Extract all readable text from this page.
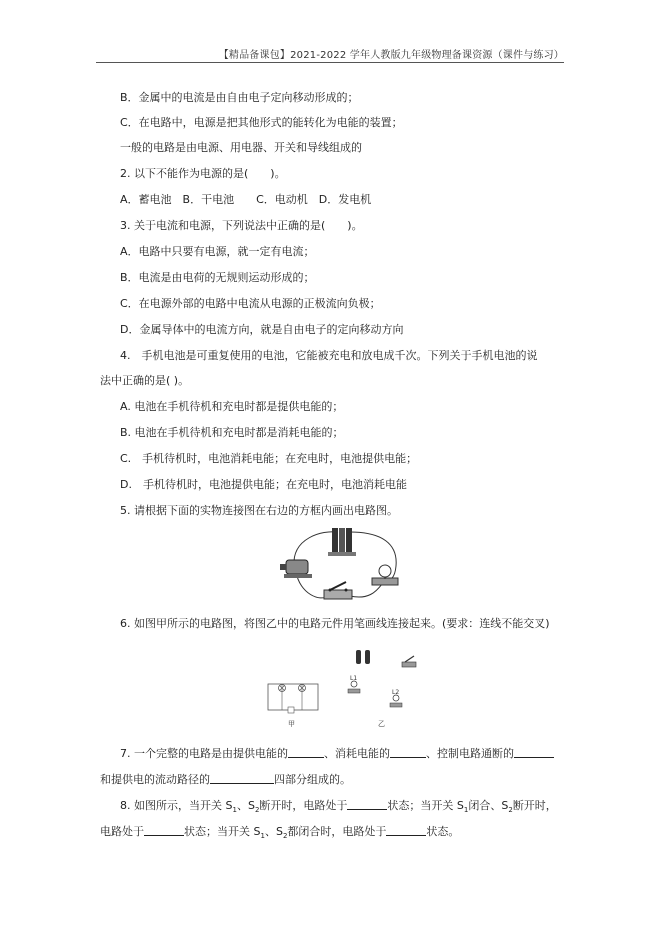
【精品备课包】2021-2022 学年人教版九年级物理备课资源（课件与练习）
B．金属中的电流是由自由电子定向移动形成的；
C．在电路中，电源是把其他形式的能转化为电能的装置；
一般的电路是由电源、用电器、开关和导线组成的
2. 以下不能作为电源的是(　　)。
A．蓄电池　B．干电池　　C．电动机　D．发电机
3. 关于电流和电源，下列说法中正确的是(　　)。
A．电路中只要有电源，就一定有电流；
B．电流是由电荷的无规则运动形成的；
C．在电源外部的电路中电流从电源的正极流向负极；
D．金属导体中的电流方向，就是自由电子的定向移动方向
4.　手机电池是可重复使用的电池，它能被充电和放电成千次。下列关于手机电池的说
法中正确的是( )。
A. 电池在手机待机和充电时都是提供电能的；
B. 电池在手机待机和充电时都是消耗电能的；
C.　手机待机时，电池消耗电能；在充电时，电池提供电能；
D.　手机待机时，电池提供电能；在充电时，电池消耗电能
5. 请根据下面的实物连接图在右边的方框内画出电路图。
6. 如图甲所示的电路图，将图乙中的电路元件用笔画线连接起来。(要求：连线不能交叉)
甲
L1
L2
乙
7. 一个完整的电路是由提供电能的	、消耗电能的	、控制电路通断的
和提供电的流动路径的	四部分组成的。
8. 如图所示，当开关 $S_1$、$S_2$断开时，电路处于	状态；当开关 $S_1$闭合、$S_2$断开时，
电路处于	状态；当开关 $S_1$、$S_2$都闭合时，电路处于	状态。
